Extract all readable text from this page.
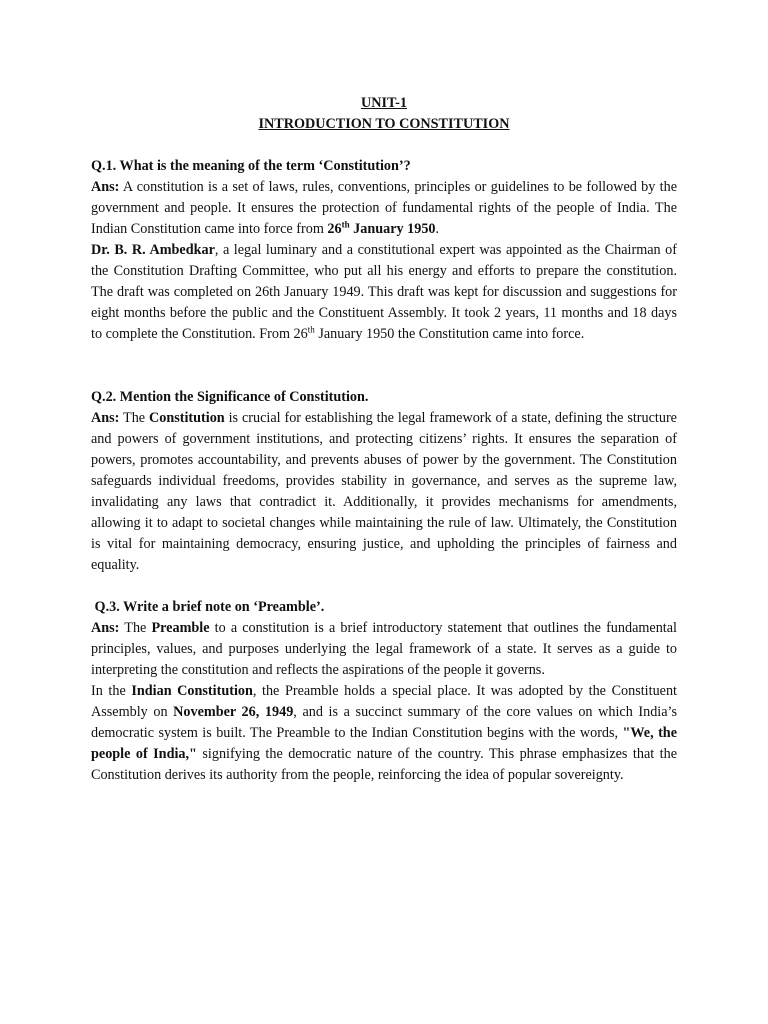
UNIT-1

INTRODUCTION TO CONSTITUTION

Q.1. What is the meaning of the term ‘Constitution’?

Ans: A constitution is a set of laws, rules, conventions, principles or guidelines to be followed by the government and people. It ensures the protection of fundamental rights of the people of India. The Indian Constitution came into force from 26th January 1950.

Dr. B. R. Ambedkar, a legal luminary and a constitutional expert was appointed as the Chairman of the Constitution Drafting Committee, who put all his energy and efforts to prepare the constitution. The draft was completed on 26th January 1949. This draft was kept for discussion and suggestions for eight months before the public and the Constituent Assembly. It took 2 years, 11 months and 18 days to complete the Constitution. From 26th January 1950 the Constitution came into force.

Q.2. Mention the Significance of Constitution.

Ans: The Constitution is crucial for establishing the legal framework of a state, defining the structure and powers of government institutions, and protecting citizens’ rights. It ensures the separation of powers, promotes accountability, and prevents abuses of power by the government. The Constitution safeguards individual freedoms, provides stability in governance, and serves as the supreme law, invalidating any laws that contradict it. Additionally, it provides mechanisms for amendments, allowing it to adapt to societal changes while maintaining the rule of law. Ultimately, the Constitution is vital for maintaining democracy, ensuring justice, and upholding the principles of fairness and equality.

Q.3. Write a brief note on ‘Preamble’.

Ans: The Preamble to a constitution is a brief introductory statement that outlines the fundamental principles, values, and purposes underlying the legal framework of a state. It serves as a guide to interpreting the constitution and reflects the aspirations of the people it governs.

In the Indian Constitution, the Preamble holds a special place. It was adopted by the Constituent Assembly on November 26, 1949, and is a succinct summary of the core values on which India’s democratic system is built. The Preamble to the Indian Constitution begins with the words, "We, the people of India," signifying the democratic nature of the country. This phrase emphasizes that the Constitution derives its authority from the people, reinforcing the idea of popular sovereignty.
